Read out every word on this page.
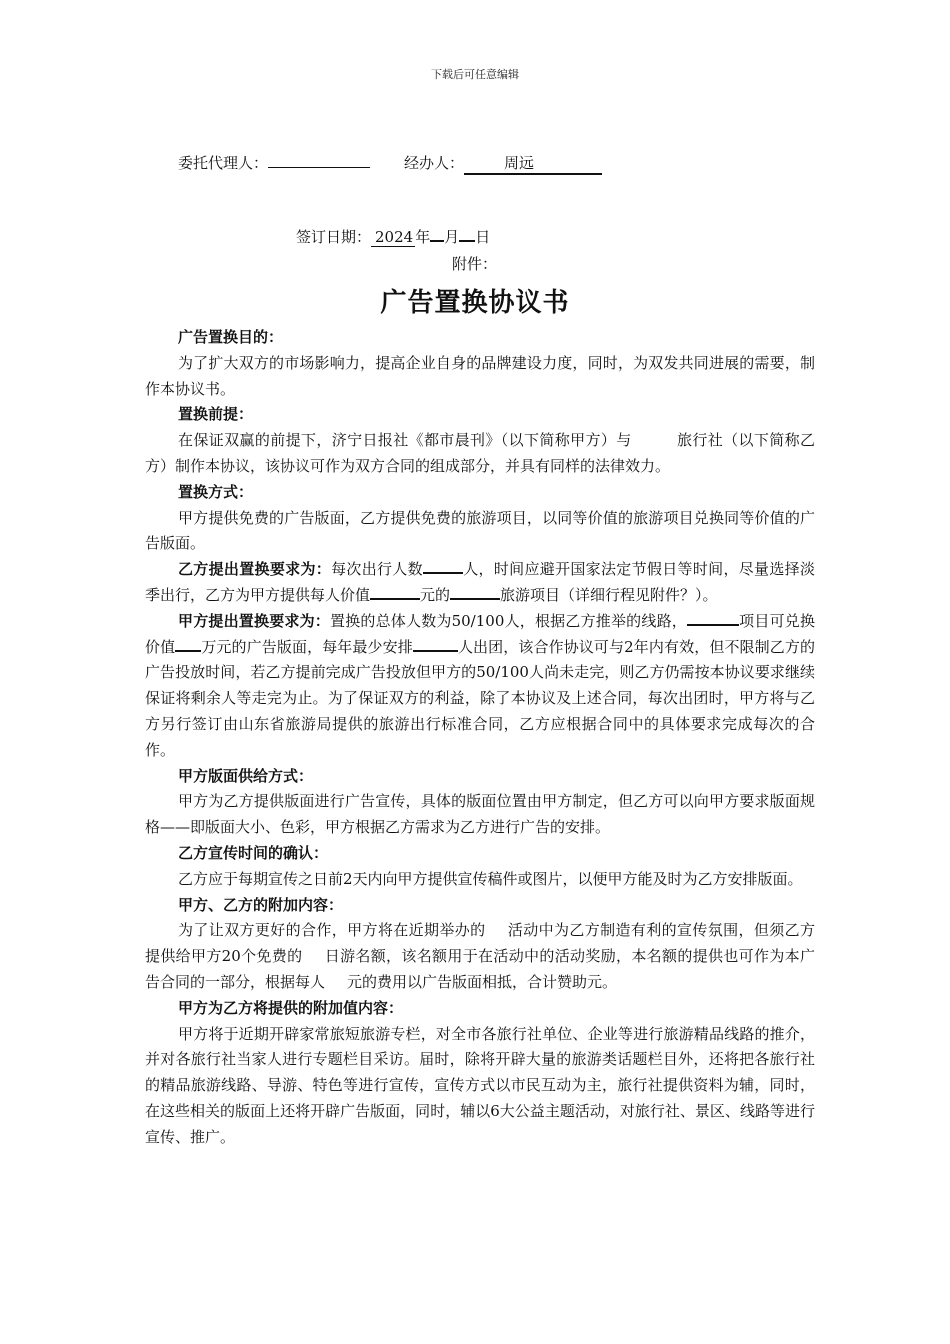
下载后可任意编辑
委托代理人：	经办人：	周远
签订日期： 2024 年 月 日
附件：
广告置换协议书

广告置换目的：

为了扩大双方的市场影响力，提高企业自身的品牌建设力度，同时，为双发共同进展的需要，制作本协议书。

置换前提：

在保证双赢的前提下，济宁日报社《都市晨刊》（以下简称甲方）与	旅行社（以下简称乙方）制作本协议，该协议可作为双方合同的组成部分，并具有同样的法律效力。

置换方式：

甲方提供免费的广告版面，乙方提供免费的旅游项目，以同等价值的旅游项目兑换同等价值的广告版面。

乙方提出置换要求为：每次出行人数	人，时间应避开国家法定节假日等时间，尽量选择淡季出行，乙方为甲方提供每人价值	元的	旅游项目（详细行程见附件？）。

甲方提出置换要求为：置换的总体人数为50/100人，根据乙方推举的线路，	项目可兑换价值 万元的广告版面，每年最少安排	人出团，该合作协议可与2年内有效，但不限制乙方的广告投放时间，若乙方提前完成广告投放但甲方的50/100人尚未走完，则乙方仍需按本协议要求继续保证将剩余人等走完为止。为了保证双方的利益，除了本协议及上述合同，每次出团时，甲方将与乙方另行签订由山东省旅游局提供的旅游出行标准合同，乙方应根据合同中的具体要求完成每次的合作。

甲方版面供给方式：

甲方为乙方提供版面进行广告宣传，具体的版面位置由甲方制定，但乙方可以向甲方要求版面规格——即版面大小、色彩，甲方根据乙方需求为乙方进行广告的安排。

乙方宣传时间的确认：

乙方应于每期宣传之日前2天内向甲方提供宣传稿件或图片，以便甲方能及时为乙方安排版面。

甲方、乙方的附加内容：

为了让双方更好的合作，甲方将在近期举办的 活动中为乙方制造有利的宣传氛围，但须乙方提供给甲方20个免费的 日游名额，该名额用于在活动中的活动奖励，本名额的提供也可作为本广告合同的一部分，根据每人 元的费用以广告版面相抵，合计赞助元。

甲方为乙方将提供的附加值内容：

甲方将于近期开辟家常旅短旅游专栏，对全市各旅行社单位、企业等进行旅游精品线路的推介，并对各旅行社当家人进行专题栏目采访。届时，除将开辟大量的旅游类话题栏目外，还将把各旅行社的精品旅游线路、导游、特色等进行宣传，宣传方式以市民互动为主，旅行社提供资料为辅，同时，在这些相关的版面上还将开辟广告版面，同时，辅以6大公益主题活动，对旅行社、景区、线路等进行宣传、推广。
